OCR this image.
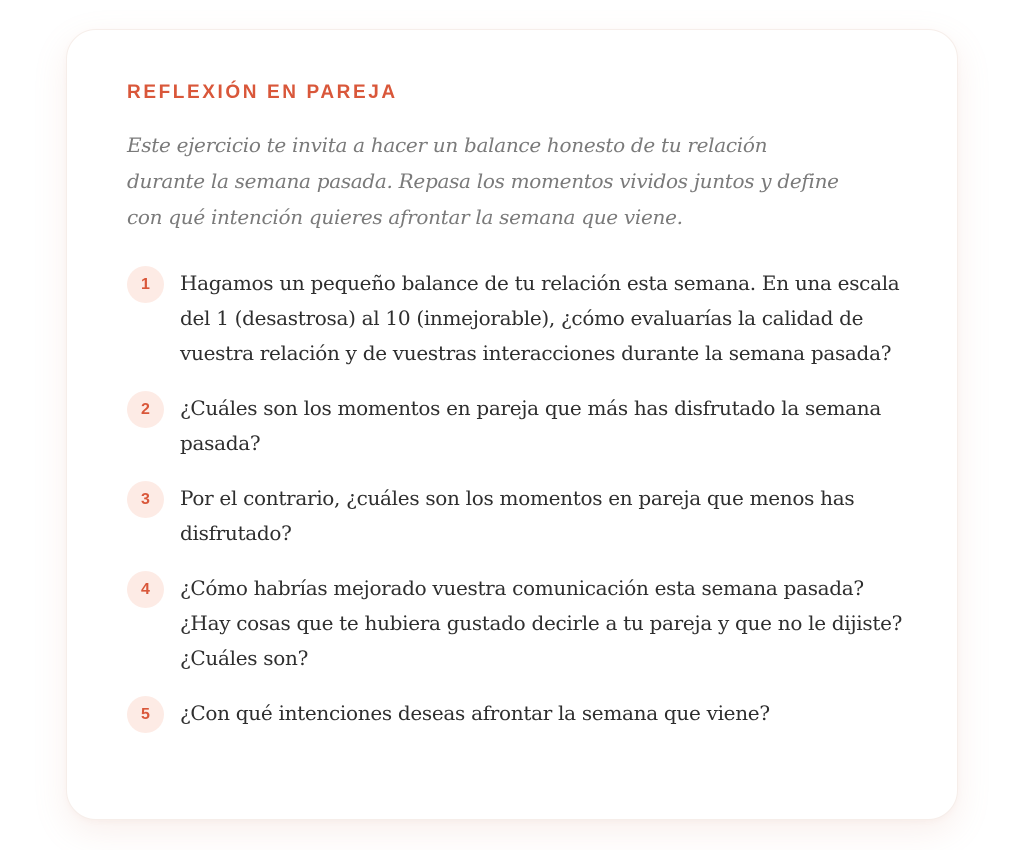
REFLEXIÓN EN PAREJA

Este ejercicio te invita a hacer un balance honesto de tu relación durante la semana pasada. Repasa los momentos vividos juntos y define con qué intención quieres afrontar la semana que viene.

1	Hagamos un pequeño balance de tu relación esta semana. En una escala del 1 (desastrosa) al 10 (inmejorable), ¿cómo evaluarías la calidad de vuestra relación y de vuestras interacciones durante la semana pasada?

2	¿Cuáles son los momentos en pareja que más has disfrutado la semana pasada?

3	Por el contrario, ¿cuáles son los momentos en pareja que menos has disfrutado?

4	¿Cómo habrías mejorado vuestra comunicación esta semana pasada? ¿Hay cosas que te hubiera gustado decirle a tu pareja y que no le dijiste? ¿Cuáles son?

5	¿Con qué intenciones deseas afrontar la semana que viene?
